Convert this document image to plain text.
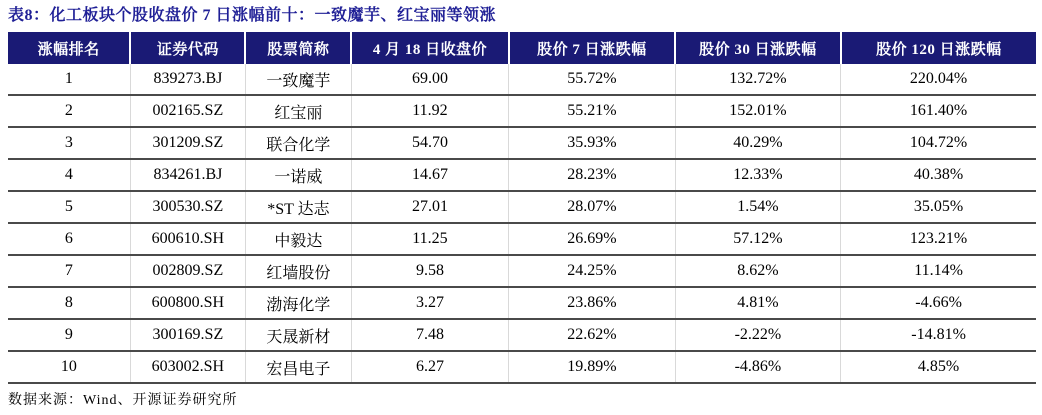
表8：化工板块个股收盘价 7 日涨幅前十：一致魔芋、红宝丽等领涨
涨幅排名	证券代码	股票简称	4 月 18 日收盘价	股价 7 日涨跌幅	股价 30 日涨跌幅	股价 120 日涨跌幅
1	839273.BJ	一致魔芋	69.00	55.72%	132.72%	220.04%
2	002165.SZ	红宝丽	11.92	55.21%	152.01%	161.40%
3	301209.SZ	联合化学	54.70	35.93%	40.29%	104.72%
4	834261.BJ	一诺威	14.67	28.23%	12.33%	40.38%
5	300530.SZ	*ST 达志	27.01	28.07%	1.54%	35.05%
6	600610.SH	中毅达	11.25	26.69%	57.12%	123.21%
7	002809.SZ	红墙股份	9.58	24.25%	8.62%	11.14%
8	600800.SH	渤海化学	3.27	23.86%	4.81%	-4.66%
9	300169.SZ	天晟新材	7.48	22.62%	-2.22%	-14.81%
10	603002.SH	宏昌电子	6.27	19.89%	-4.86%	4.85%
数据来源：Wind、开源证券研究所
